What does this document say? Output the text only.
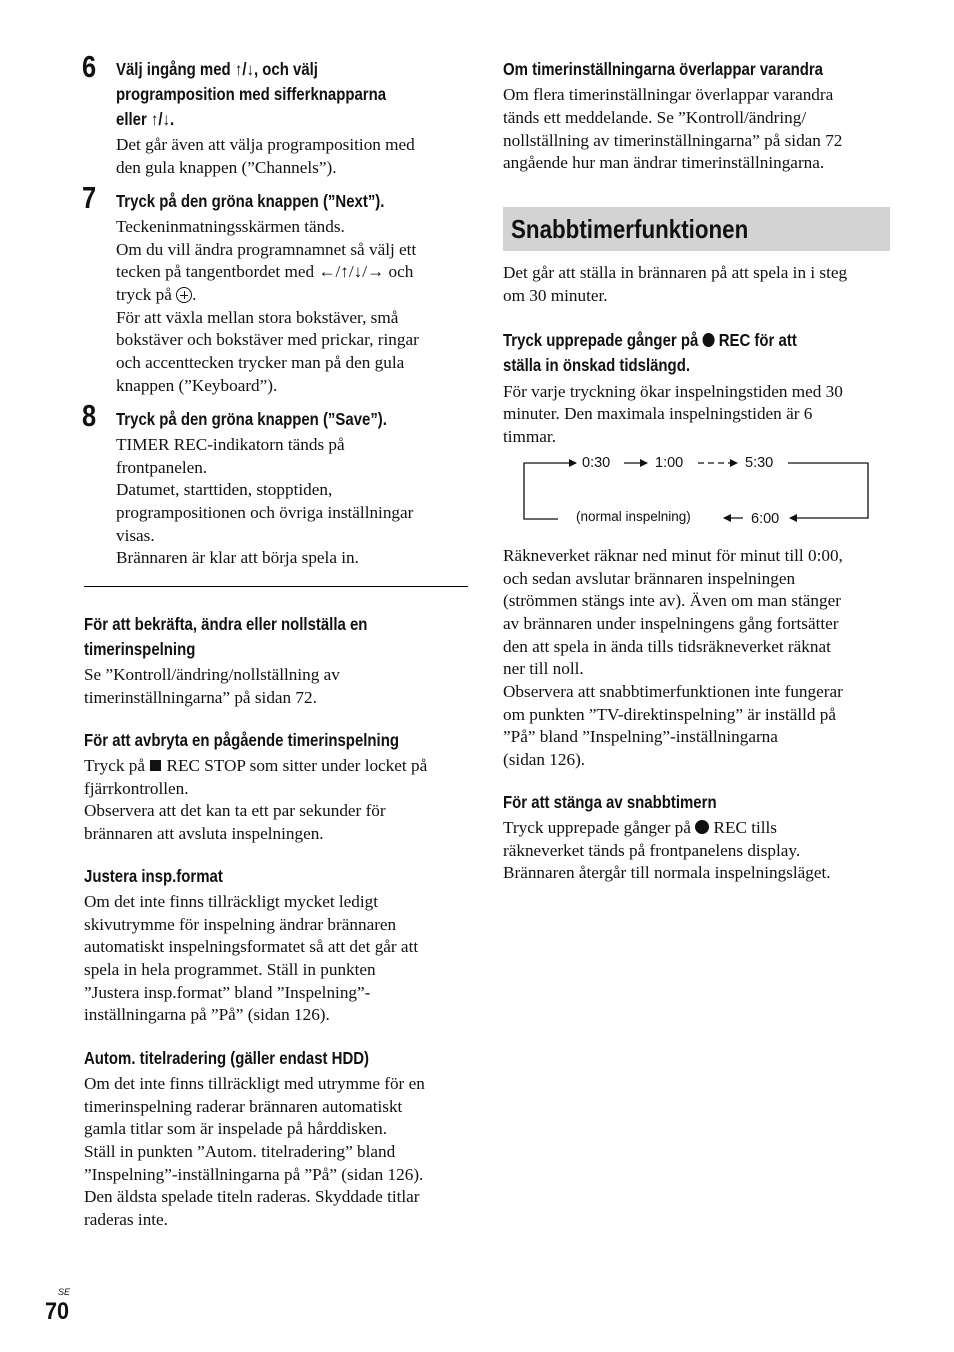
6 Välj ingång med ↑/↓, och välj
programposition med sifferknapparna
eller ↑/↓.
Det går även att välja programposition med
den gula knappen (”Channels”).
7 Tryck på den gröna knappen (”Next”).
Teckeninmatningsskärmen tänds.
Om du vill ändra programnamnet så välj ett
tecken på tangentbordet med ←/↑/↓/→ och
tryck på .
För att växla mellan stora bokstäver, små
bokstäver och bokstäver med prickar, ringar
och accenttecken trycker man på den gula
knappen (”Keyboard”).
8 Tryck på den gröna knappen (”Save”).
TIMER REC-indikatorn tänds på
frontpanelen.
Datumet, starttiden, stopptiden,
programpositionen och övriga inställningar
visas.
Brännaren är klar att börja spela in.
För att bekräfta, ändra eller nollställa en
timerinspelning
Se ”Kontroll/ändring/nollställning av
timerinställningarna” på sidan 72.
För att avbryta en pågående timerinspelning
Tryck på REC STOP som sitter under locket på
fjärrkontrollen.
Observera att det kan ta ett par sekunder för
brännaren att avsluta inspelningen.
Justera insp.format
Om det inte finns tillräckligt mycket ledigt
skivutrymme för inspelning ändrar brännaren
automatiskt inspelningsformatet så att det går att
spela in hela programmet. Ställ in punkten
”Justera insp.format” bland ”Inspelning”-
inställningarna på ”På” (sidan 126).
Autom. titelradering (gäller endast HDD)
Om det inte finns tillräckligt med utrymme för en
timerinspelning raderar brännaren automatiskt
gamla titlar som är inspelade på hårddisken.
Ställ in punkten ”Autom. titelradering” bland
”Inspelning”-inställningarna på ”På” (sidan 126).
Den äldsta spelade titeln raderas. Skyddade titlar
raderas inte.
Om timerinställningarna överlappar varandra
Om flera timerinställningar överlappar varandra
tänds ett meddelande. Se ”Kontroll/ändring/
nollställning av timerinställningarna” på sidan 72
angående hur man ändrar timerinställningarna.
Snabbtimerfunktionen
Det går att ställa in brännaren på att spela in i steg
om 30 minuter.
Tryck upprepade gånger på REC för att
ställa in önskad tidslängd.
För varje tryckning ökar inspelningstiden med 30
minuter. Den maximala inspelningstiden är 6
timmar.
0:30	1:00	5:30
6:00
(normal inspelning)
Räkneverket räknar ned minut för minut till 0:00,
och sedan avslutar brännaren inspelningen
(strömmen stängs inte av). Även om man stänger
av brännaren under inspelningens gång fortsätter
den att spela in ända tills tidsräkneverket räknat
ner till noll.
Observera att snabbtimerfunktionen inte fungerar
om punkten ”TV-direktinspelning” är inställd på
”På” bland ”Inspelning”-inställningarna
(sidan 126).
För att stänga av snabbtimern
Tryck upprepade gånger på REC tills
räkneverket tänds på frontpanelens display.
Brännaren återgår till normala inspelningsläget.
SE
70
